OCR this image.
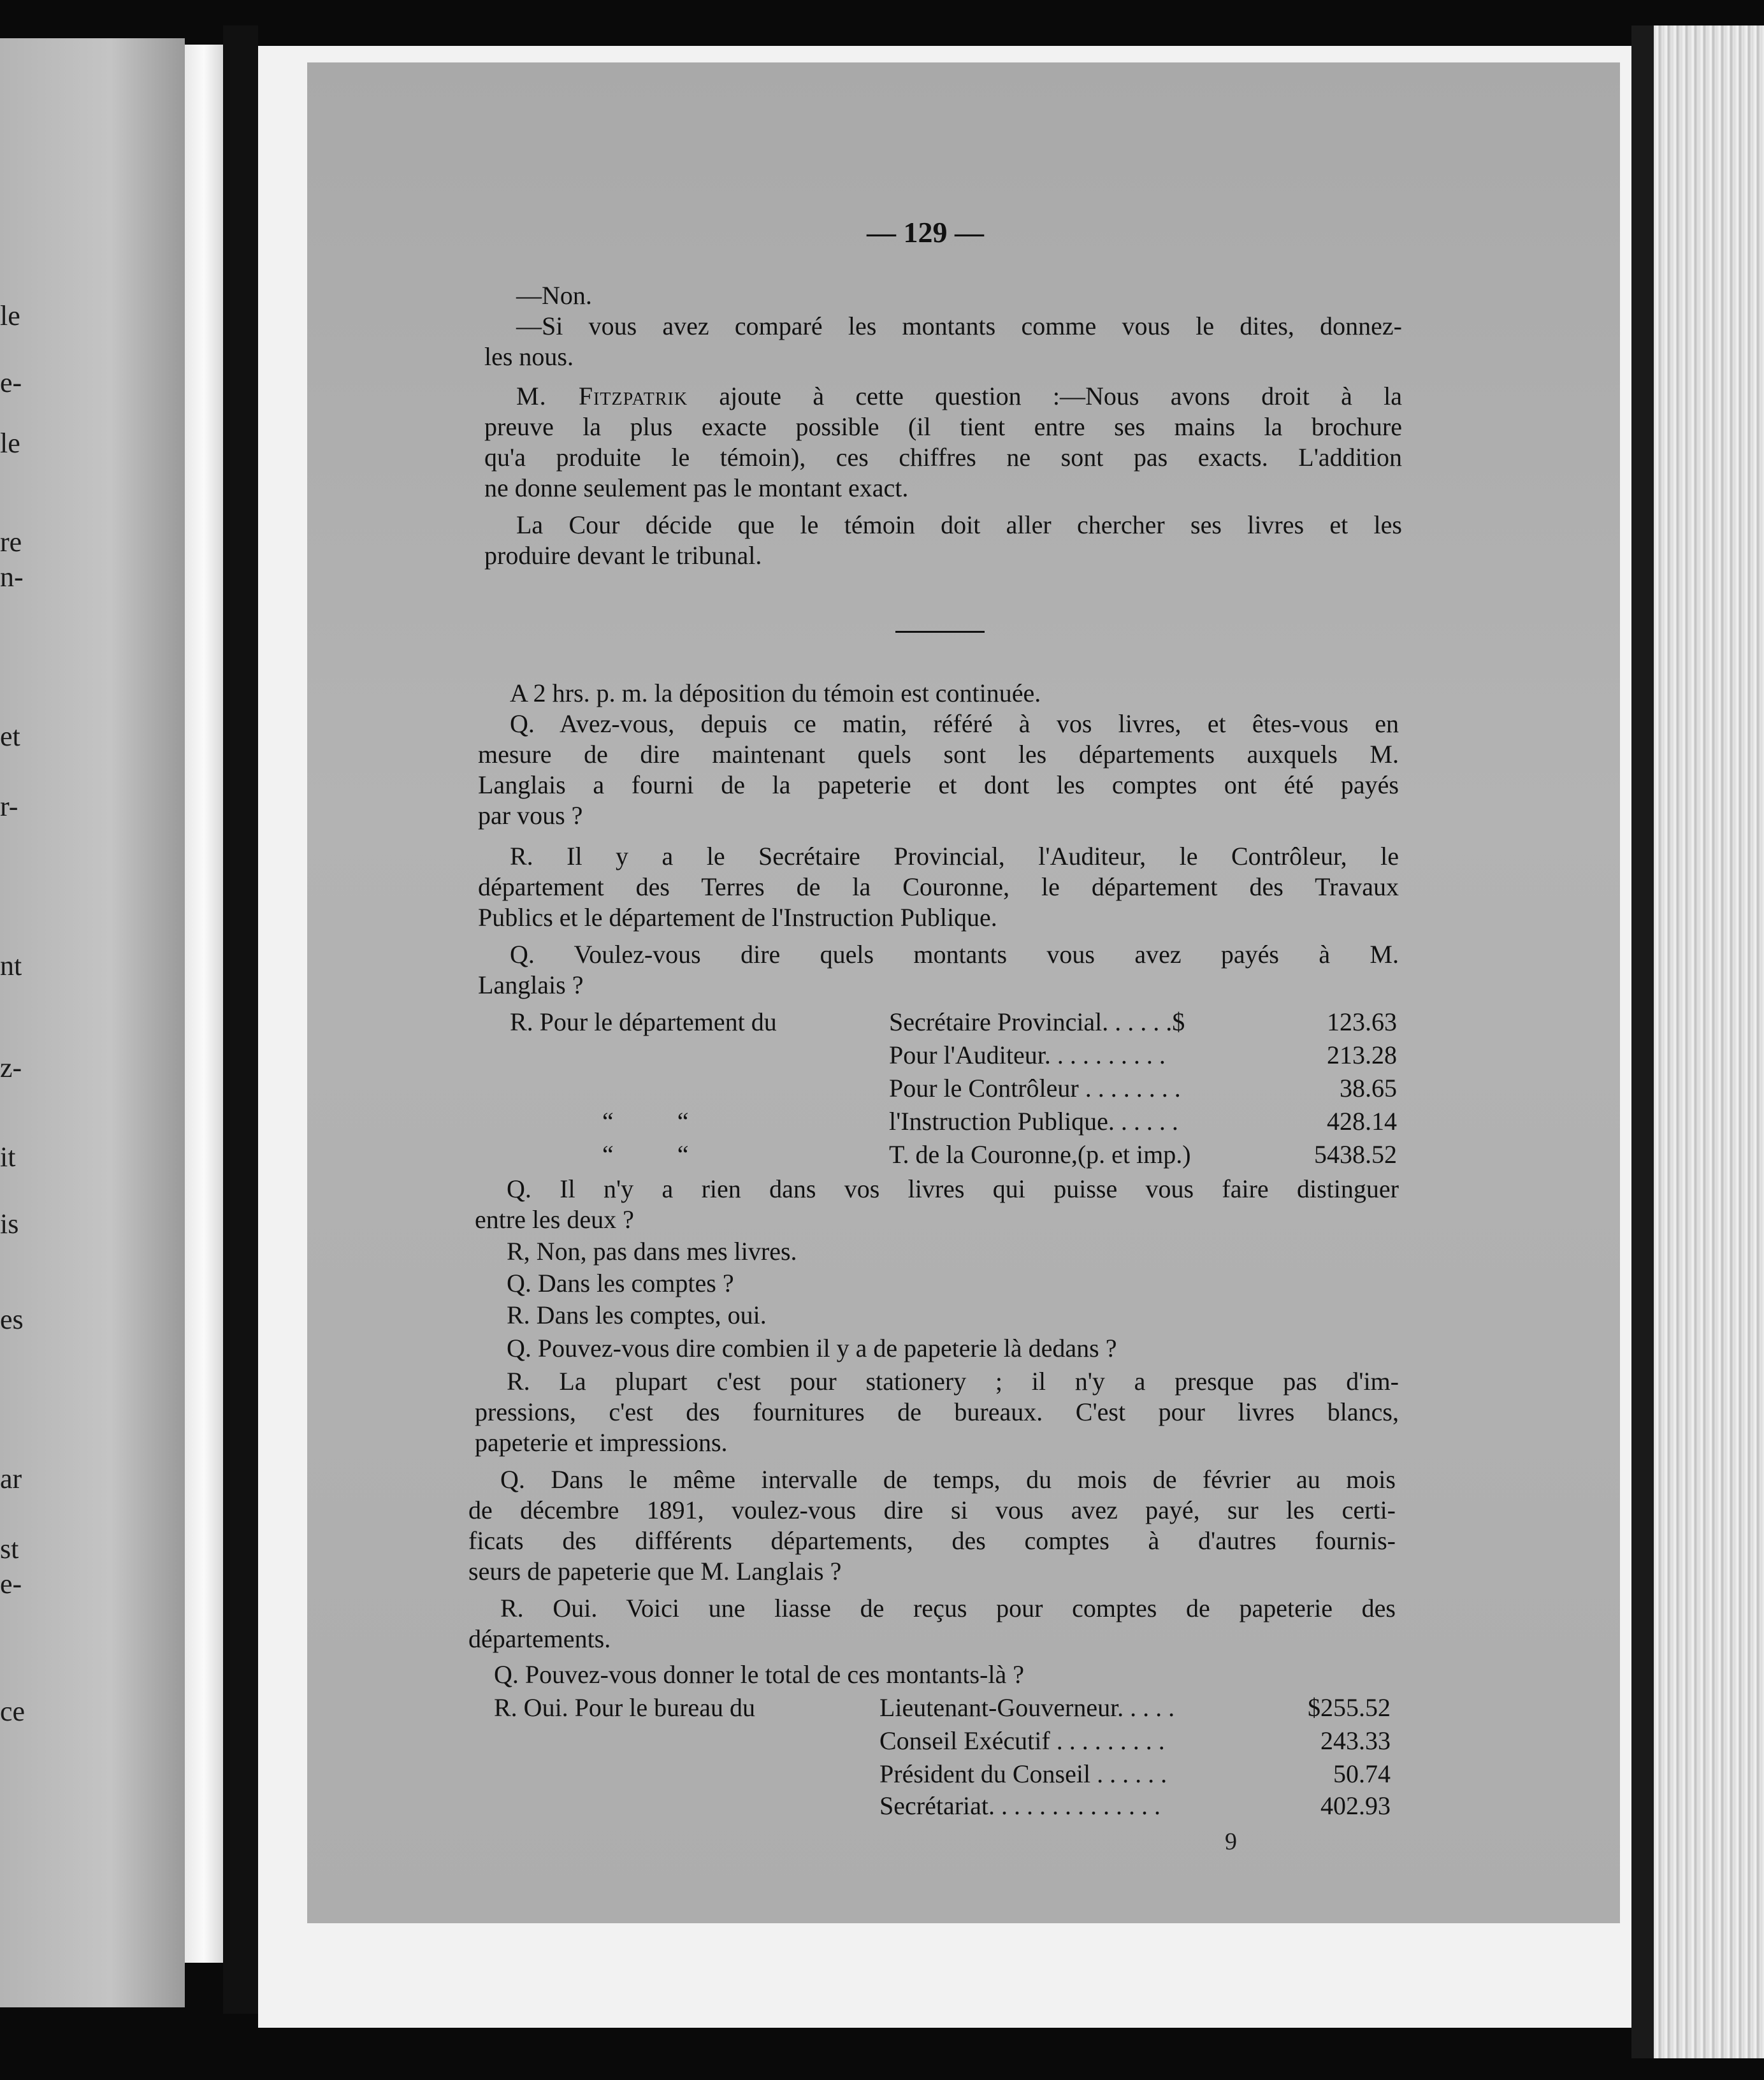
le
e-
le
re
n-
et
r-
nt
z-
it
is
es
ar
st
e-
ce
— 129 —
—Non.
—Si vous avez comparé les montants comme vous le dites, donnez-
les nous.
M. Fitzpatrik ajoute à cette question :—Nous avons droit à la
preuve la plus exacte possible (il tient entre ses mains la brochure
qu'a produite le témoin), ces chiffres ne sont pas exacts. L'addition
ne donne seulement pas le montant exact.
La Cour décide que le témoin doit aller chercher ses livres et les
produire devant le tribunal.
A 2 hrs. p. m. la déposition du témoin est continuée.
Q. Avez-vous, depuis ce matin, référé à vos livres, et êtes-vous en
mesure de dire maintenant quels sont les départements auxquels M.
Langlais a fourni de la papeterie et dont les comptes ont été payés
par vous ?
R. Il y a le Secrétaire Provincial, l'Auditeur, le Contrôleur, le
département des Terres de la Couronne, le département des Travaux
Publics et le département de l'Instruction Publique.
Q. Voulez-vous dire quels montants vous avez payés à M.
Langlais ?
R. Pour le département du	Secrétaire Provincial. . . . . .$	123.63
Pour l'Auditeur. . . . . . . . . .	213.28
Pour le Contrôleur . . . . . . . .	38.65
“          “	l'Instruction Publique. . . . . .	428.14
“          “	T. de la Couronne,(p. et imp.)	5438.52
Q. Il n'y a rien dans vos livres qui puisse vous faire distinguer
entre les deux ?
R, Non, pas dans mes livres.
Q. Dans les comptes ?
R. Dans les comptes, oui.
Q. Pouvez-vous dire combien il y a de papeterie là dedans ?
R. La plupart c'est pour stationery ; il n'y a presque pas d'im-
pressions, c'est des fournitures de bureaux. C'est pour livres blancs,
papeterie et impressions.
Q. Dans le même intervalle de temps, du mois de février au mois
de décembre 1891, voulez-vous dire si vous avez payé, sur les certi-
ficats des différents départements, des comptes à d'autres fournis-
seurs de papeterie que M. Langlais ?
R. Oui. Voici une liasse de reçus pour comptes de papeterie des
départements.
Q. Pouvez-vous donner le total de ces montants-là ?
R. Oui. Pour le bureau du	Lieutenant-Gouverneur. . . . .	$255.52
Conseil Exécutif . . . . . . . . .	243.33
Président du Conseil . . . . . .	50.74
Secrétariat. . . . . . . . . . . . . .	402.93
9
